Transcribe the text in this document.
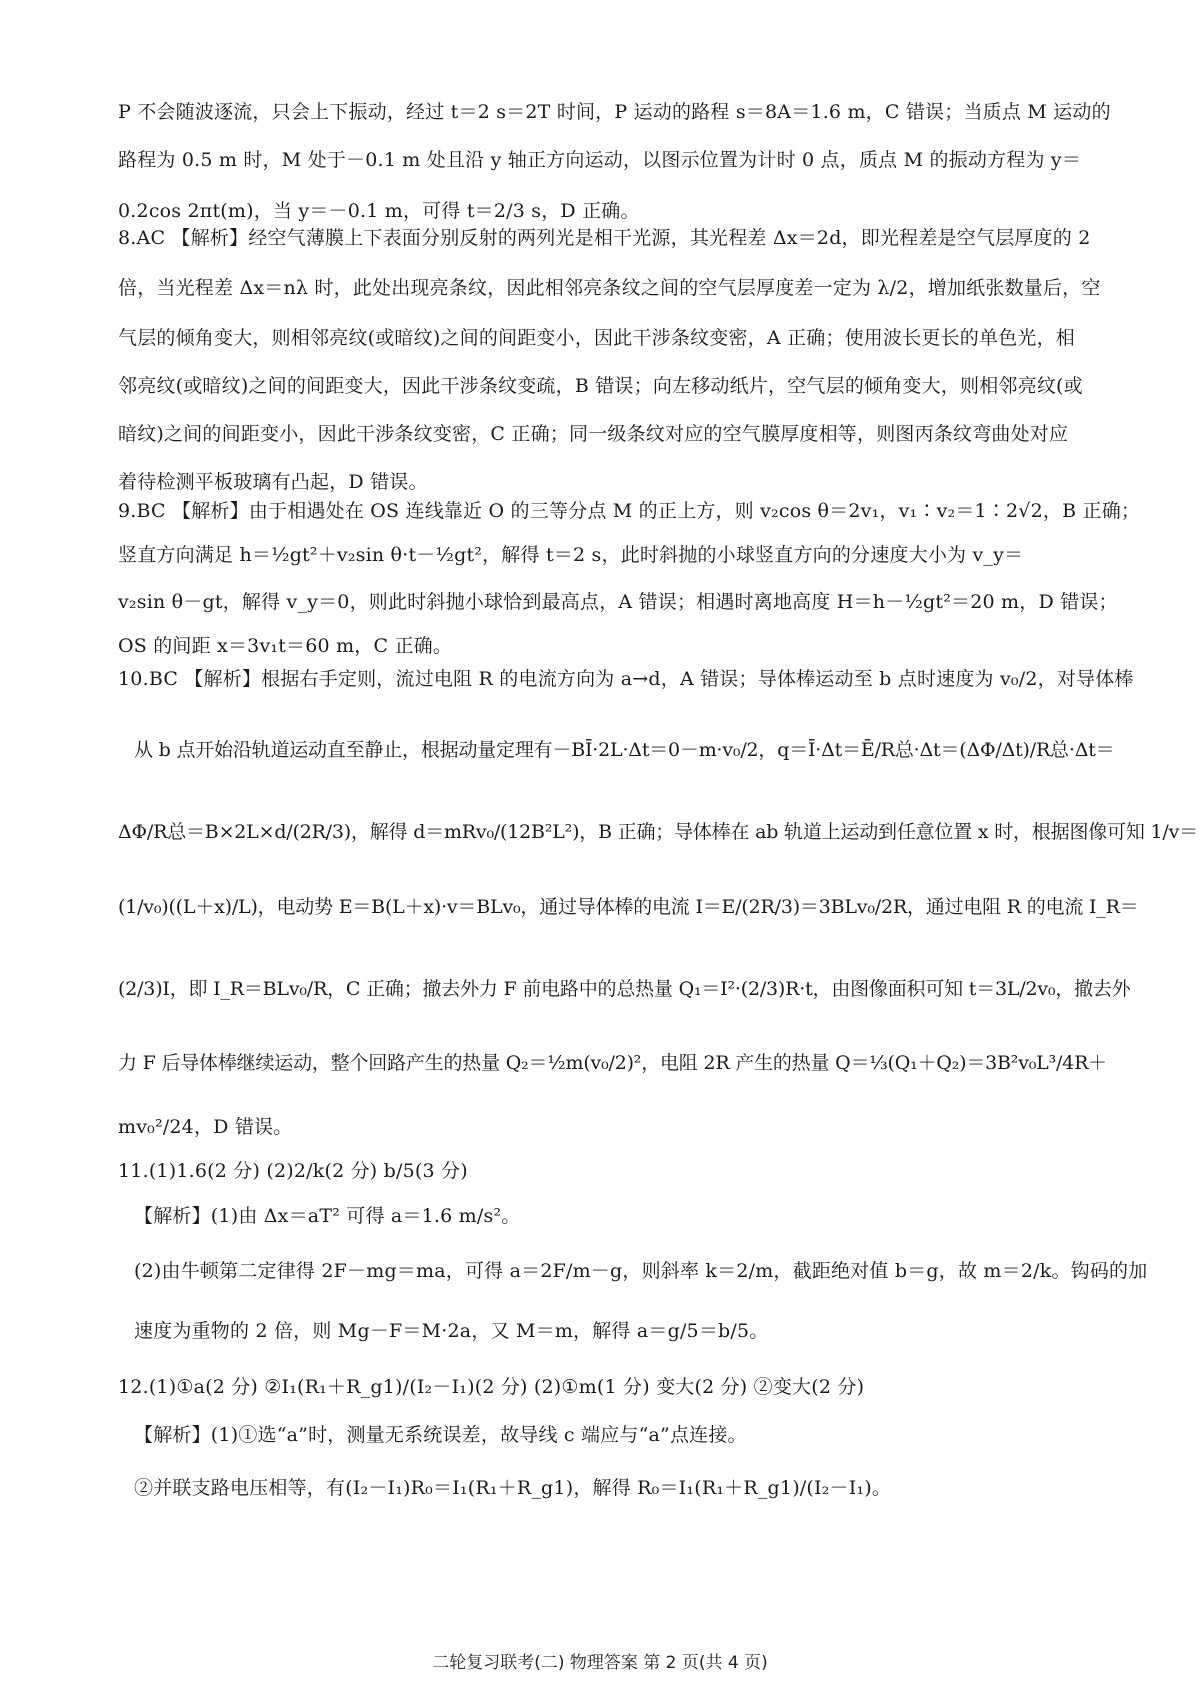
P 不会随波逐流，只会上下振动，经过 t＝2 s＝2T 时间，P 运动的路程 s＝8A＝1.6 m，C 错误；当质点 M 运动的
路程为 0.5 m 时，M 处于－0.1 m 处且沿 y 轴正方向运动，以图示位置为计时 0 点，质点 M 的振动方程为 y＝
0.2cos 2πt(m)，当 y＝－0.1 m，可得 t＝2/3 s，D 正确。
8.AC 【解析】经空气薄膜上下表面分别反射的两列光是相干光源，其光程差 Δx＝2d，即光程差是空气层厚度的 2
倍，当光程差 Δx＝nλ 时，此处出现亮条纹，因此相邻亮条纹之间的空气层厚度差一定为 λ/2，增加纸张数量后，空
气层的倾角变大，则相邻亮纹(或暗纹)之间的间距变小，因此干涉条纹变密，A 正确；使用波长更长的单色光，相
邻亮纹(或暗纹)之间的间距变大，因此干涉条纹变疏，B 错误；向左移动纸片，空气层的倾角变大，则相邻亮纹(或
暗纹)之间的间距变小，因此干涉条纹变密，C 正确；同一级条纹对应的空气膜厚度相等，则图丙条纹弯曲处对应
着待检测平板玻璃有凸起，D 错误。
9.BC 【解析】由于相遇处在 OS 连线靠近 O 的三等分点 M 的正上方，则 v₂cos θ＝2v₁，v₁∶v₂＝1∶2√2，B 正确；
竖直方向满足 h＝½gt²＋v₂sin θ·t－½gt²，解得 t＝2 s，此时斜抛的小球竖直方向的分速度大小为 v_y＝
v₂sin θ－gt，解得 v_y＝0，则此时斜抛小球恰到最高点，A 错误；相遇时离地高度 H＝h－½gt²＝20 m，D 错误；
OS 的间距 x＝3v₁t＝60 m，C 正确。
10.BC 【解析】根据右手定则，流过电阻 R 的电流方向为 a→d，A 错误；导体棒运动至 b 点时速度为 v₀/2，对导体棒
从 b 点开始沿轨道运动直至静止，根据动量定理有－BĪ·2L·Δt＝0－m·v₀/2，q＝Ī·Δt＝Ē/R总·Δt＝(ΔΦ/Δt)/R总·Δt＝
ΔΦ/R总＝B×2L×d/(2R/3)，解得 d＝mRv₀/(12B²L²)，B 正确；导体棒在 ab 轨道上运动到任意位置 x 时，根据图像可知 1/v＝
(1/v₀)((L＋x)/L)，电动势 E＝B(L＋x)·v＝BLv₀，通过导体棒的电流 I＝E/(2R/3)＝3BLv₀/2R，通过电阻 R 的电流 I_R＝
(2/3)I，即 I_R＝BLv₀/R，C 正确；撤去外力 F 前电路中的总热量 Q₁＝I²·(2/3)R·t，由图像面积可知 t＝3L/2v₀，撤去外
力 F 后导体棒继续运动，整个回路产生的热量 Q₂＝½m(v₀/2)²，电阻 2R 产生的热量 Q＝⅓(Q₁＋Q₂)＝3B²v₀L³/4R＋
mv₀²/24，D 错误。
11.(1)1.6(2 分) (2)2/k(2 分) b/5(3 分)
【解析】(1)由 Δx＝aT² 可得 a＝1.6 m/s²。
(2)由牛顿第二定律得 2F－mg＝ma，可得 a＝2F/m－g，则斜率 k＝2/m，截距绝对值 b＝g，故 m＝2/k。钩码的加
速度为重物的 2 倍，则 Mg－F＝M·2a，又 M＝m，解得 a＝g/5＝b/5。
12.(1)①a(2 分) ②I₁(R₁＋R_g1)/(I₂－I₁)(2 分) (2)①m(1 分) 变大(2 分) ②变大(2 分)
【解析】(1)①选“a”时，测量无系统误差，故导线 c 端应与“a”点连接。
②并联支路电压相等，有(I₂－I₁)R₀＝I₁(R₁＋R_g1)，解得 R₀＝I₁(R₁＋R_g1)/(I₂－I₁)。
二轮复习联考(二) 物理答案 第 2 页(共 4 页)
